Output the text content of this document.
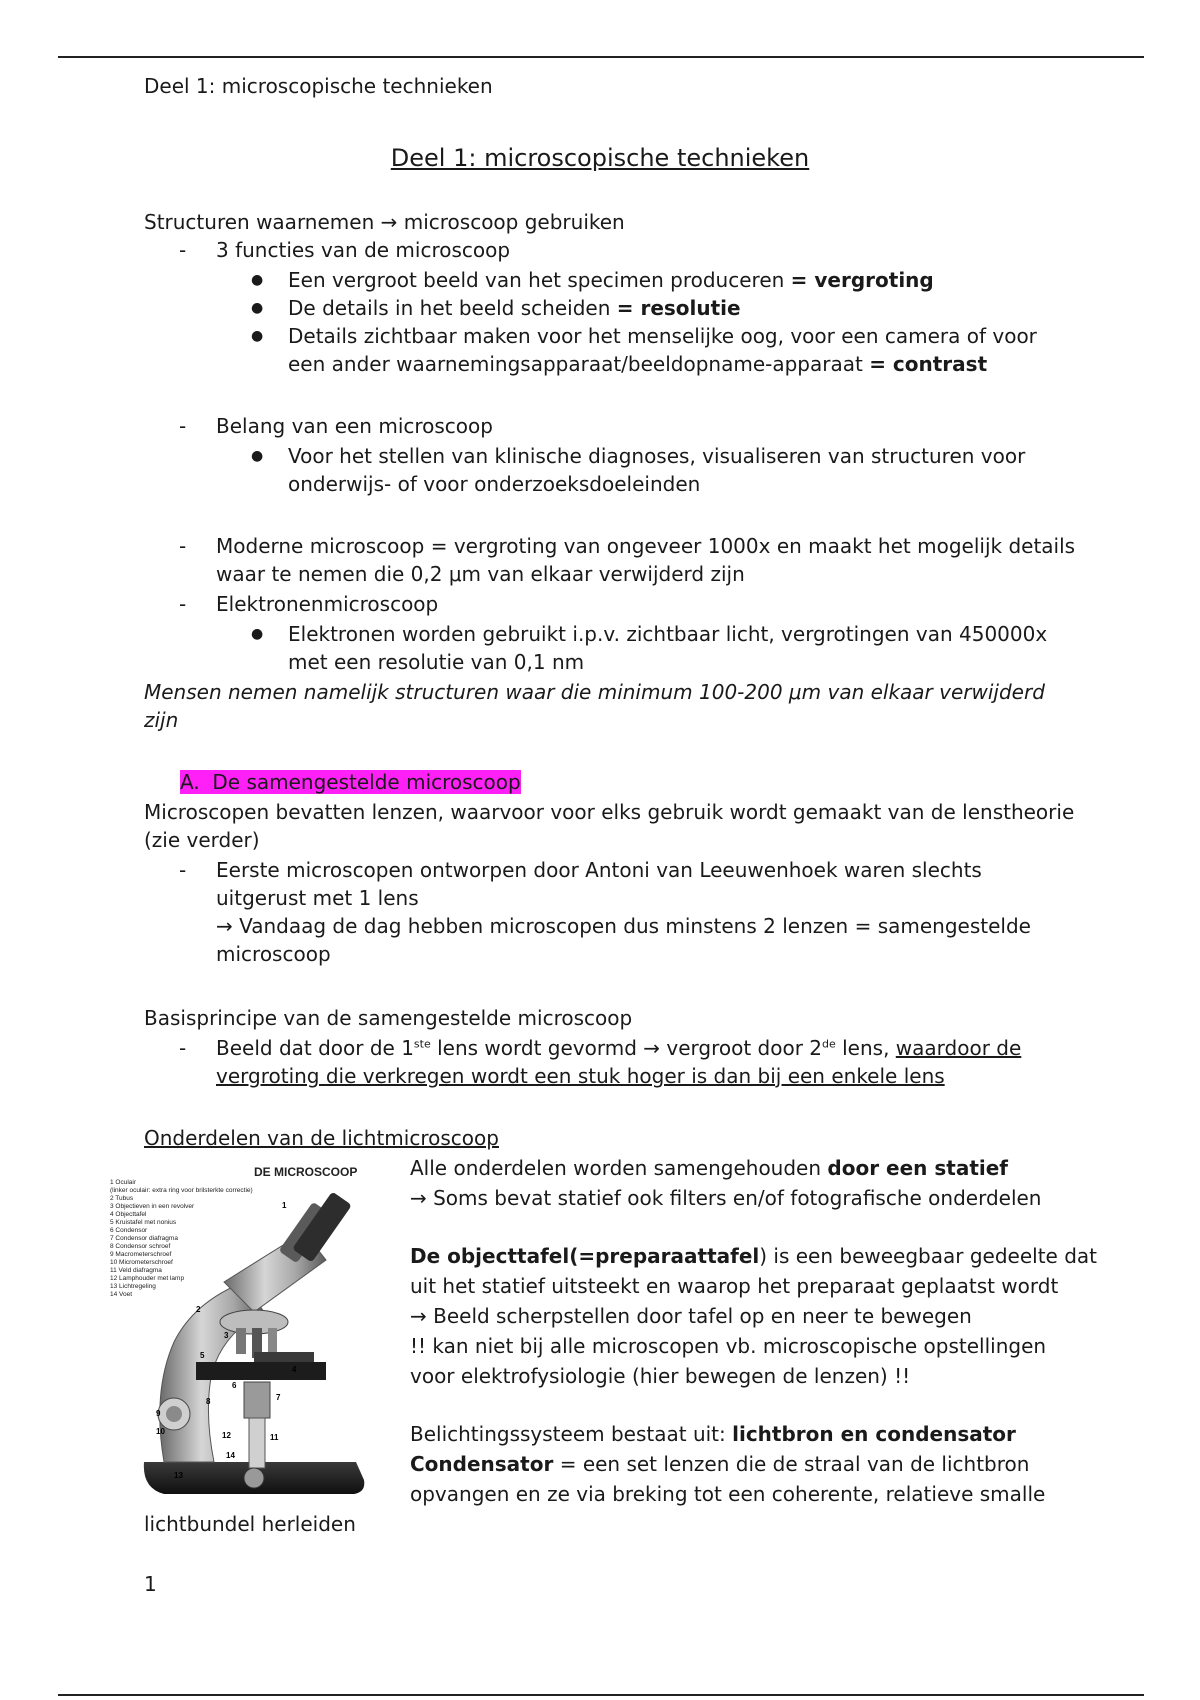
Deel 1: microscopische technieken
Deel 1: microscopische technieken
Structuren waarnemen → microscoop gebruiken
- 3 functies van de microscoop
● Een vergroot beeld van het specimen produceren = vergroting
● De details in het beeld scheiden = resolutie
● Details zichtbaar maken voor het menselijke oog, voor een camera of voor
een ander waarnemingsapparaat/beeldopname-apparaat = contrast
- Belang van een microscoop
● Voor het stellen van klinische diagnoses, visualiseren van structuren voor
onderwijs- of voor onderzoeksdoeleinden
- Moderne microscoop = vergroting van ongeveer 1000x en maakt het mogelijk details
waar te nemen die 0,2 μm van elkaar verwijderd zijn
- Elektronenmicroscoop
● Elektronen worden gebruikt i.p.v. zichtbaar licht, vergrotingen van 450000x
met een resolutie van 0,1 nm
Mensen nemen namelijk structuren waar die minimum 100-200 μm van elkaar verwijderd
zijn
A.  De samengestelde microscoop
Microscopen bevatten lenzen, waarvoor voor elks gebruik wordt gemaakt van de lenstheorie
(zie verder)
- Eerste microscopen ontworpen door Antoni van Leeuwenhoek waren slechts
uitgerust met 1 lens
→ Vandaag de dag hebben microscopen dus minstens 2 lenzen = samengestelde
microscoop
Basisprincipe van de samengestelde microscoop
- Beeld dat door de 1ste lens wordt gevormd → vergroot door 2de lens, waardoor de
vergroting die verkregen wordt een stuk hoger is dan bij een enkele lens
Onderdelen van de lichtmicroscoop
DE MICROSCOOP
1 Oculair
(linker oculair: extra ring voor brilsterkte correctie)
2 Tubus
3 Objectieven in een revolver
4 Objecttafel
5 Kruistafel met nonius
6 Condensor
7 Condensor diafragma
8 Condensor schroef
9 Macrometerschroef
10 Micrometerschroef
11 Veld diafragma
12 Lamphouder met lamp
13 Lichtregeling
14 Voet
1
2
3
4
5
6
7
8
9
10
11
12
13
14
Alle onderdelen worden samengehouden door een statief
→ Soms bevat statief ook filters en/of fotografische onderdelen
De objecttafel(=preparaattafel) is een beweegbaar gedeelte dat
uit het statief uitsteekt en waarop het preparaat geplaatst wordt
→ Beeld scherpstellen door tafel op en neer te bewegen
!! kan niet bij alle microscopen vb. microscopische opstellingen
voor elektrofysiologie (hier bewegen de lenzen) !!
Belichtingssysteem bestaat uit: lichtbron en condensator
Condensator = een set lenzen die de straal van de lichtbron
opvangen en ze via breking tot een coherente, relatieve smalle
lichtbundel herleiden
1
